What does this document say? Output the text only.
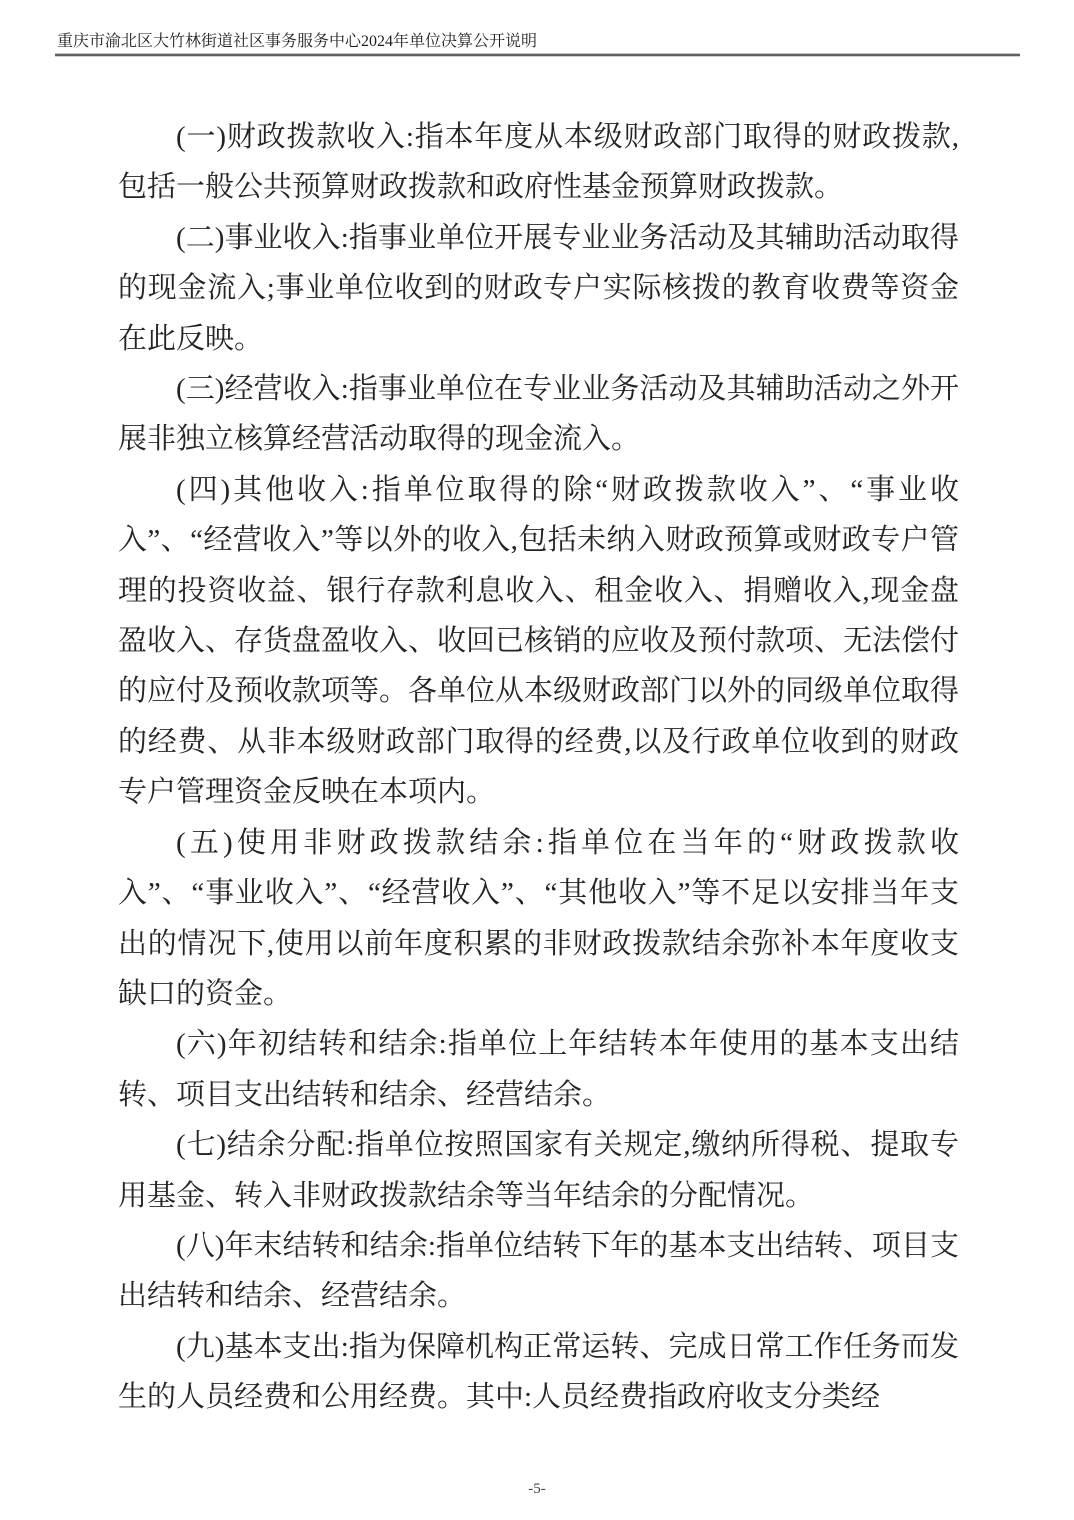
重庆市渝北区大竹林街道社区事务服务中心2024年单位决算公开说明

(一)财政拨款收入:指本年度从本级财政部门取得的财政拨款,包括一般公共预算财政拨款和政府性基金预算财政拨款。

(二)事业收入:指事业单位开展专业业务活动及其辅助活动取得的现金流入;事业单位收到的财政专户实际核拨的教育收费等资金在此反映。

(三)经营收入:指事业单位在专业业务活动及其辅助活动之外开展非独立核算经营活动取得的现金流入。

(四)其他收入:指单位取得的除“财政拨款收入”、“事业收入”、“经营收入”等以外的收入,包括未纳入财政预算或财政专户管理的投资收益、银行存款利息收入、租金收入、捐赠收入,现金盘盈收入、存货盘盈收入、收回已核销的应收及预付款项、无法偿付的应付及预收款项等。各单位从本级财政部门以外的同级单位取得的经费、从非本级财政部门取得的经费,以及行政单位收到的财政专户管理资金反映在本项内。

(五)使用非财政拨款结余:指单位在当年的“财政拨款收入”、“事业收入”、“经营收入”、“其他收入”等不足以安排当年支出的情况下,使用以前年度积累的非财政拨款结余弥补本年度收支缺口的资金。

(六)年初结转和结余:指单位上年结转本年使用的基本支出结转、项目支出结转和结余、经营结余。

(七)结余分配:指单位按照国家有关规定,缴纳所得税、提取专用基金、转入非财政拨款结余等当年结余的分配情况。

(八)年末结转和结余:指单位结转下年的基本支出结转、项目支出结转和结余、经营结余。

(九)基本支出:指为保障机构正常运转、完成日常工作任务而发生的人员经费和公用经费。其中:人员经费指政府收支分类经

-5-
